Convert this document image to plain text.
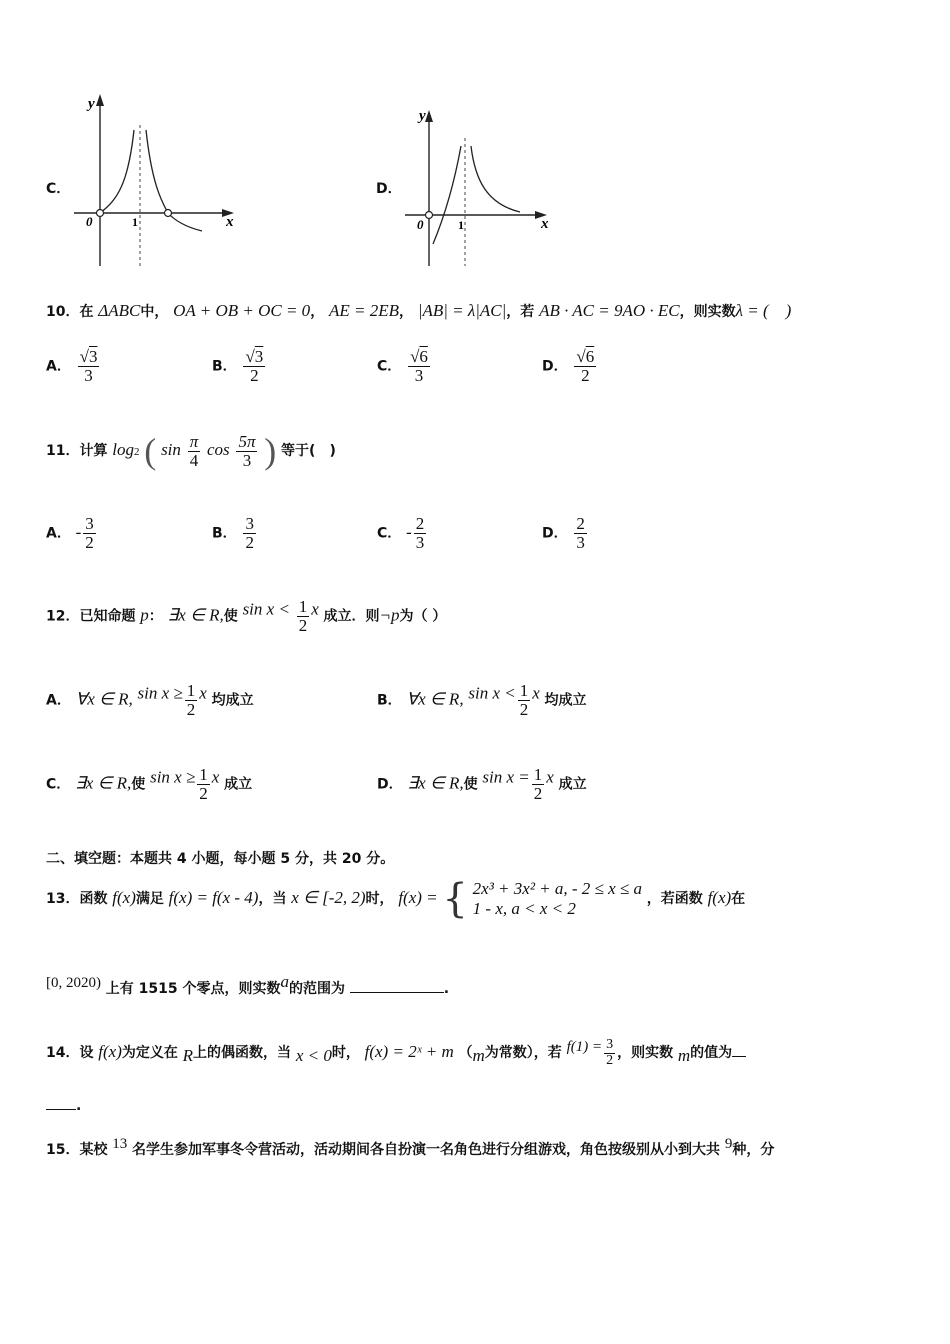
C．
y
x
0	1
D．
y
x
0	1
10．在 ΔABC中， OA + OB + OC = 0， AE = 2EB， |AB| = λ|AC|，若 AB · AC = 9AO · EC，则实数λ = (　)
A． $\frac{√3}{3}$	B． $\frac{√3}{2}$	C． $\frac{√6}{3}$	D． $\frac{√6}{2}$
11．计算 log2 ( $\sin \frac{\pi}{4}$ $\cos \frac{5\pi}{3}$ ) 等于(　)
A． - $\frac{3}{2}$	B． $\frac{3}{2}$	C． - $\frac{2}{3}$	D． $\frac{2}{3}$
12．已知命题 p： ∃x ∈ R,使 $\sin x < \frac{1}{2}$ x 成立．则¬p为（ ）
A． ∀x ∈ R, $\sin x \ge \frac{1}{2}$ x 均成立	B． ∀x ∈ R, $\sin x < \frac{1}{2}$ x 均成立
C． ∃x ∈ R,使 $\sin x \ge \frac{1}{2}$ x 成立	D． ∃x ∈ R,使 $\sin x = \frac{1}{2}$ x 成立
二、填空题：本题共 4 小题，每小题 5 分，共 20 分。
13．函数 f(x)满足 f(x) = f(x - 4)，当 x ∈ [-2, 2)时， f(x) = { 2x³ + 3x² + a, - 2 ≤ x ≤ a
1 - x, a < x < 2	，若函数 f(x)在
[0, 2020) 上有 1515 个零点，则实数a的范围为	.
14．设 f(x)为定义在 R上的偶函数，当 x < 0时， f(x) = 2ˣ + m （m为常数），若 $f(1) = \frac{3}{2}$ ，则实数 m的值为
.
15．某校 13 名学生参加军事冬令营活动，活动期间各自扮演一名角色进行分组游戏，角色按级别从小到大共 9种，分
